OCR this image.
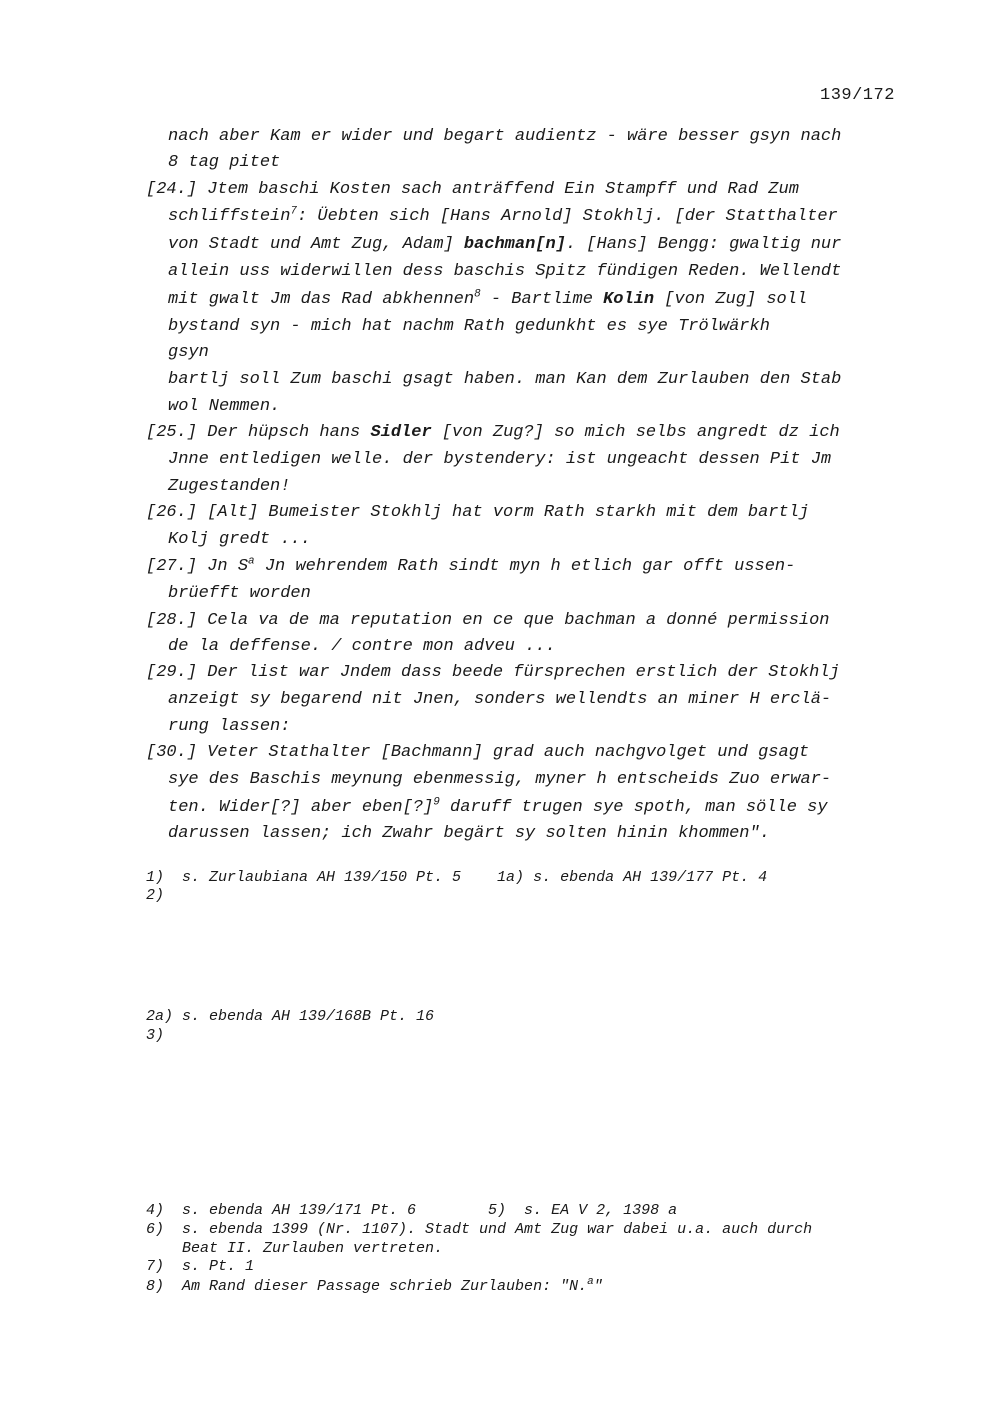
139/172
nach aber Kam er wider und begart audientz - wäre besser gsyn nach
8 tag pitet
[24.] Jtem baschi Kosten sach anträffend Ein Stampff und Rad Zum
schliffstein$^7$: Üebten sich [Hans Arnold] Stokhlj. [der Statthalter
von Stadt und Amt Zug, Adam] bachman[n]. [Hans] Bengg: gwaltig nur
allein uss widerwillen dess baschis Spitz fündigen Reden. Wellendt
mit gwalt Jm das Rad abkhennen$^8$ - Bartlime Kolin [von Zug] soll
bystand syn - mich hat nachm Rath gedunkht es sye Trölwärkh
gsyn
bartlj soll Zum baschi gsagt haben. man Kan dem Zurlauben den Stab
wol Nemmen.
[25.] Der hüpsch hans Sidler [von Zug?] so mich selbs angredt dz ich
Jnne entledigen welle. der bystendery: ist ungeacht dessen Pit Jm
Zugestanden!
[26.] [Alt] Bumeister Stokhlj hat vorm Rath starkh mit dem bartlj
Kolj gredt ...
[27.] Jn $S^a$ Jn wehrendem Rath sindt myn h etlich gar offt ussen-
brüefft worden
[28.] Cela va de ma reputation en ce que bachman a donné permission
de la deffense. / contre mon adveu ...
[29.] Der list war Jndem dass beede fürsprechen erstlich der Stokhlj
anzeigt sy begarend nit Jnen, sonders wellendts an miner H erclä-
rung lassen:
[30.] Veter Stathalter [Bachmann] grad auch nachgvolget und gsagt
sye des Baschis meynung ebenmessig, myner h entscheids Zuo erwar-
ten. Wider[?] aber eben[?]$^9$ daruff trugen sye spoth, man sölle sy
darussen lassen; ich Zwahr begärt sy solten hinin khommen".
1)  s. Zurlaubiana AH 139/150 Pt. 5    1a) s. ebenda AH 139/177 Pt. 4
2)
2a) s. ebenda AH 139/168B Pt. 16
3)
4)  s. ebenda AH 139/171 Pt. 6        5)  s. EA V 2, 1398 a
6)  s. ebenda 1399 (Nr. 1107). Stadt und Amt Zug war dabei u.a. auch durch
Beat II. Zurlauben vertreten.
7)  s. Pt. 1
8)  Am Rand dieser Passage schrieb Zurlauben: "N.$^a$"
